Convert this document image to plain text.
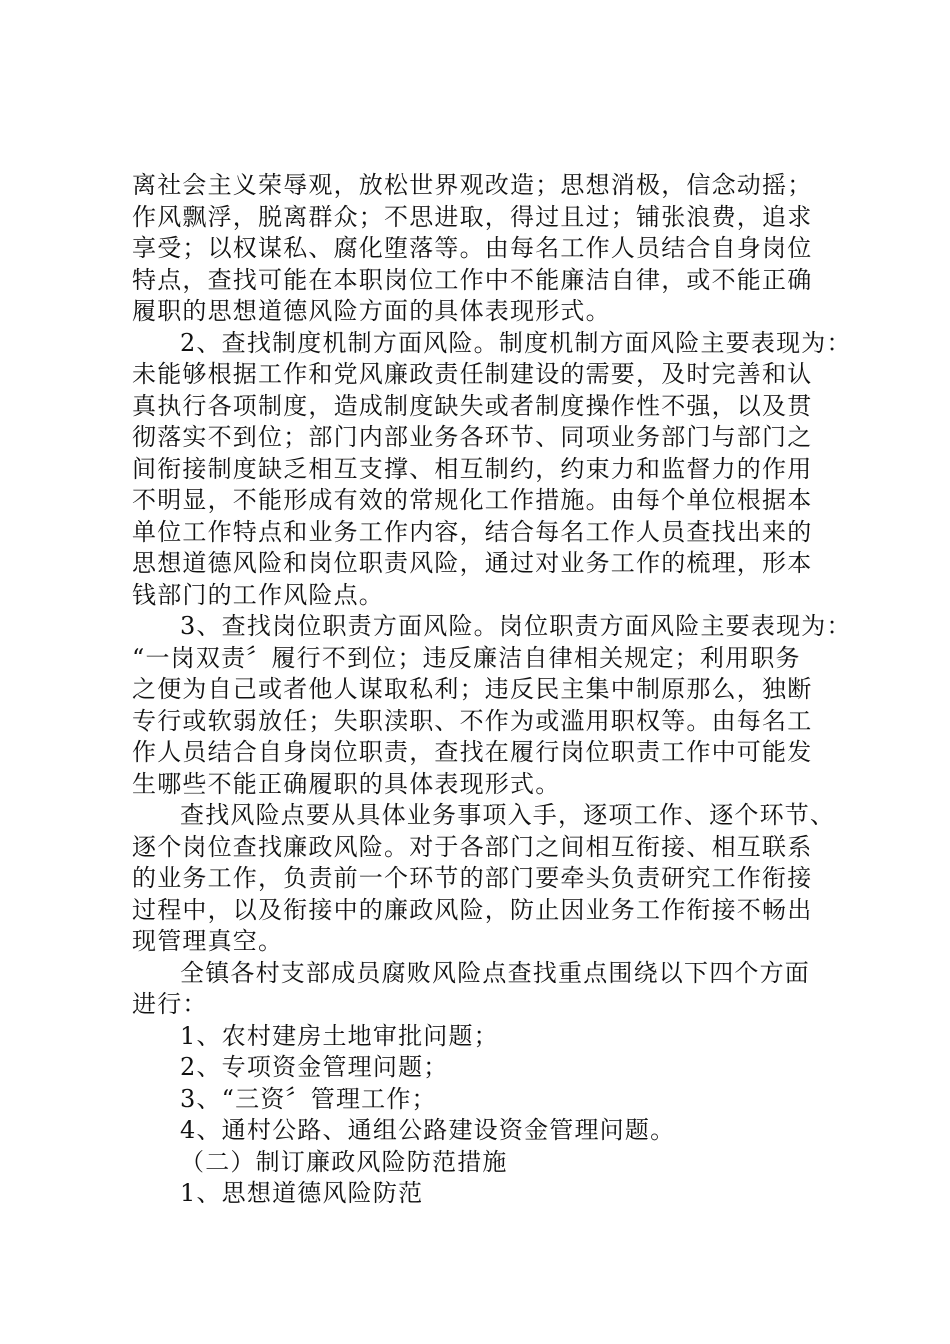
离社会主义荣辱观，放松世界观改造；思想消极，信念动摇；
作风飘浮，脱离群众；不思进取，得过且过；铺张浪费，追求
享受；以权谋私、腐化堕落等。由每名工作人员结合自身岗位
特点，查找可能在本职岗位工作中不能廉洁自律，或不能正确
履职的思想道德风险方面的具体表现形式。
2、查找制度机制方面风险。制度机制方面风险主要表现为：
未能够根据工作和党风廉政责任制建设的需要，及时完善和认
真执行各项制度，造成制度缺失或者制度操作性不强，以及贯
彻落实不到位；部门内部业务各环节、同项业务部门与部门之
间衔接制度缺乏相互支撑、相互制约，约束力和监督力的作用
不明显，不能形成有效的常规化工作措施。由每个单位根据本
单位工作特点和业务工作内容，结合每名工作人员查找出来的
思想道德风险和岗位职责风险，通过对业务工作的梳理，形本
钱部门的工作风险点。
3、查找岗位职责方面风险。岗位职责方面风险主要表现为：
“一岗双责〞履行不到位；违反廉洁自律相关规定；利用职务
之便为自己或者他人谋取私利；违反民主集中制原那么，独断
专行或软弱放任；失职渎职、不作为或滥用职权等。由每名工
作人员结合自身岗位职责，查找在履行岗位职责工作中可能发
生哪些不能正确履职的具体表现形式。
查找风险点要从具体业务事项入手，逐项工作、逐个环节、
逐个岗位查找廉政风险。对于各部门之间相互衔接、相互联系
的业务工作，负责前一个环节的部门要牵头负责研究工作衔接
过程中，以及衔接中的廉政风险，防止因业务工作衔接不畅出
现管理真空。
全镇各村支部成员腐败风险点查找重点围绕以下四个方面
进行：
1、农村建房土地审批问题；
2、专项资金管理问题；
3、“三资〞管理工作；
4、通村公路、通组公路建设资金管理问题。
（二）制订廉政风险防范措施
1、思想道德风险防范
